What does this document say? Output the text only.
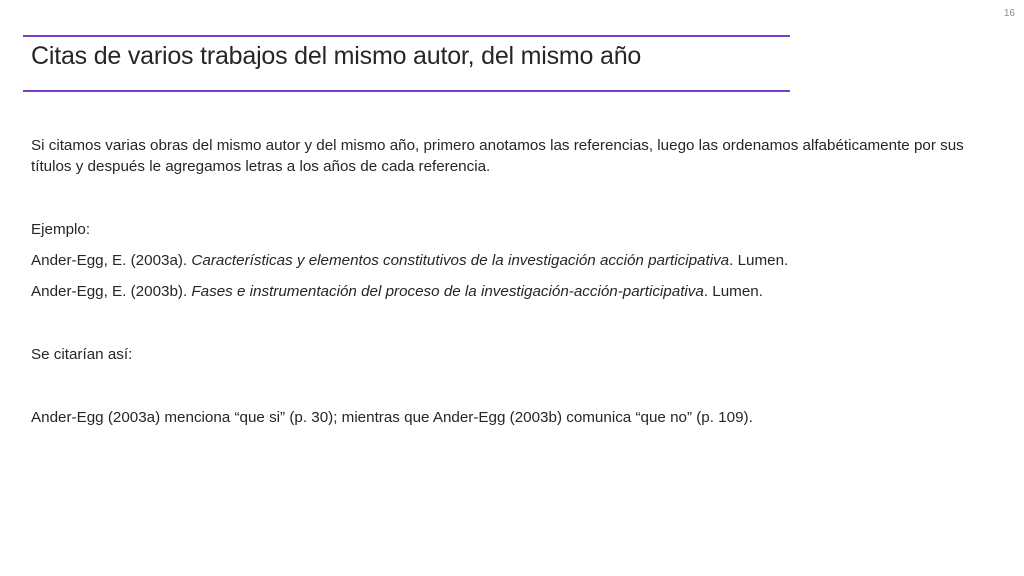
16
Citas de varios trabajos del mismo autor, del mismo año

Si citamos varias obras del mismo autor y del mismo año, primero anotamos las referencias, luego las ordenamos alfabéticamente por sus títulos y después le agregamos letras a los años de cada referencia.

Ejemplo:

Ander-Egg, E. (2003a). Características y elementos constitutivos de la investigación acción participativa. Lumen.

Ander-Egg, E. (2003b). Fases e instrumentación del proceso de la investigación-acción-participativa. Lumen.

Se citarían así:

Ander-Egg (2003a) menciona “que si” (p. 30); mientras que Ander-Egg (2003b) comunica “que no” (p. 109).
